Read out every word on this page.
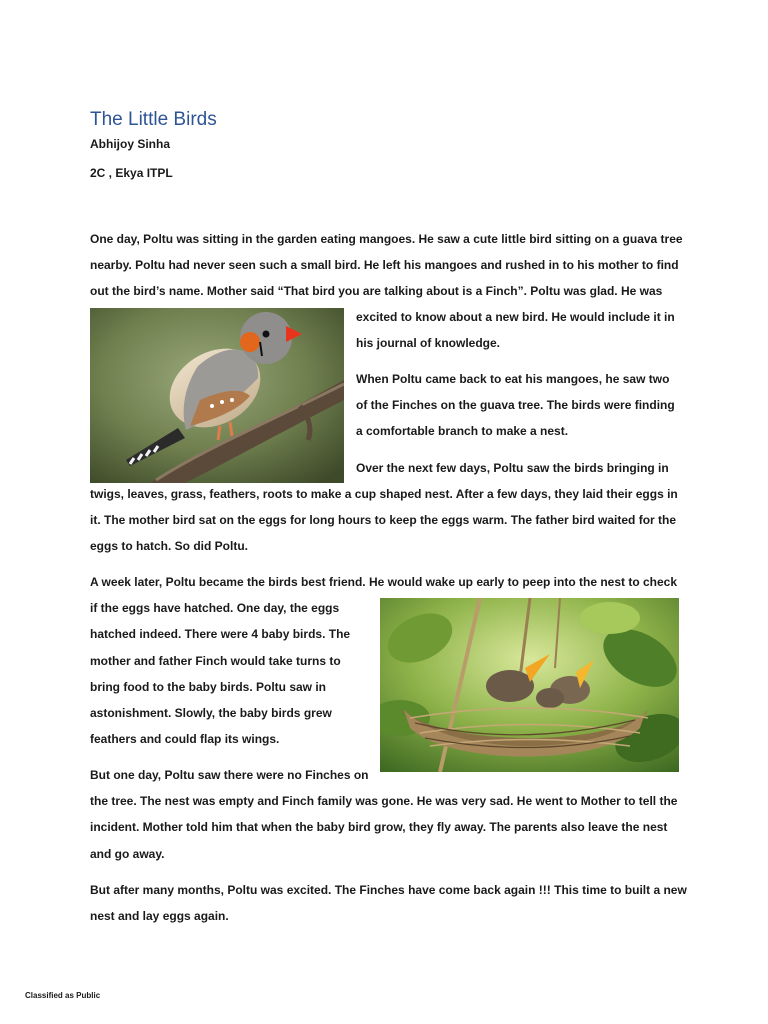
The Little Birds
Abhijoy Sinha
2C , Ekya ITPL
One day, Poltu was sitting in the garden eating mangoes. He saw a cute little bird sitting on a guava tree
nearby. Poltu had never seen such a small bird. He left his mangoes and rushed in to his mother to find
out the bird’s name. Mother said “That bird you are talking about is a Finch”. Poltu was glad. He was
excited to know about a new bird. He would include it in
his journal of knowledge.
When Poltu came back to eat his mangoes, he saw two
of the Finches on the guava tree. The birds were finding
a comfortable branch to make a nest.
Over the next few days, Poltu saw the birds bringing in
twigs, leaves, grass, feathers, roots to make a cup shaped nest. After a few days, they laid their eggs in
it. The mother bird sat on the eggs for long hours to keep the eggs warm. The father bird waited for the
eggs to hatch. So did Poltu.
A week later, Poltu became the birds best friend. He would wake up early to peep into the nest to check
if the eggs have hatched. One day, the eggs
hatched indeed. There were 4 baby birds. The
mother and father Finch would take turns to
bring food to the baby birds. Poltu saw in
astonishment. Slowly, the baby birds grew
feathers and could flap its wings.
But one day, Poltu saw there were no Finches on
the tree. The nest was empty and Finch family was gone. He was very sad. He went to Mother to tell the
incident. Mother told him that when the baby bird grow, they fly away. The parents also leave the nest
and go away.
But after many months, Poltu was excited. The Finches have come back again !!! This time to built a new
nest and lay eggs again.
Classified as Public
